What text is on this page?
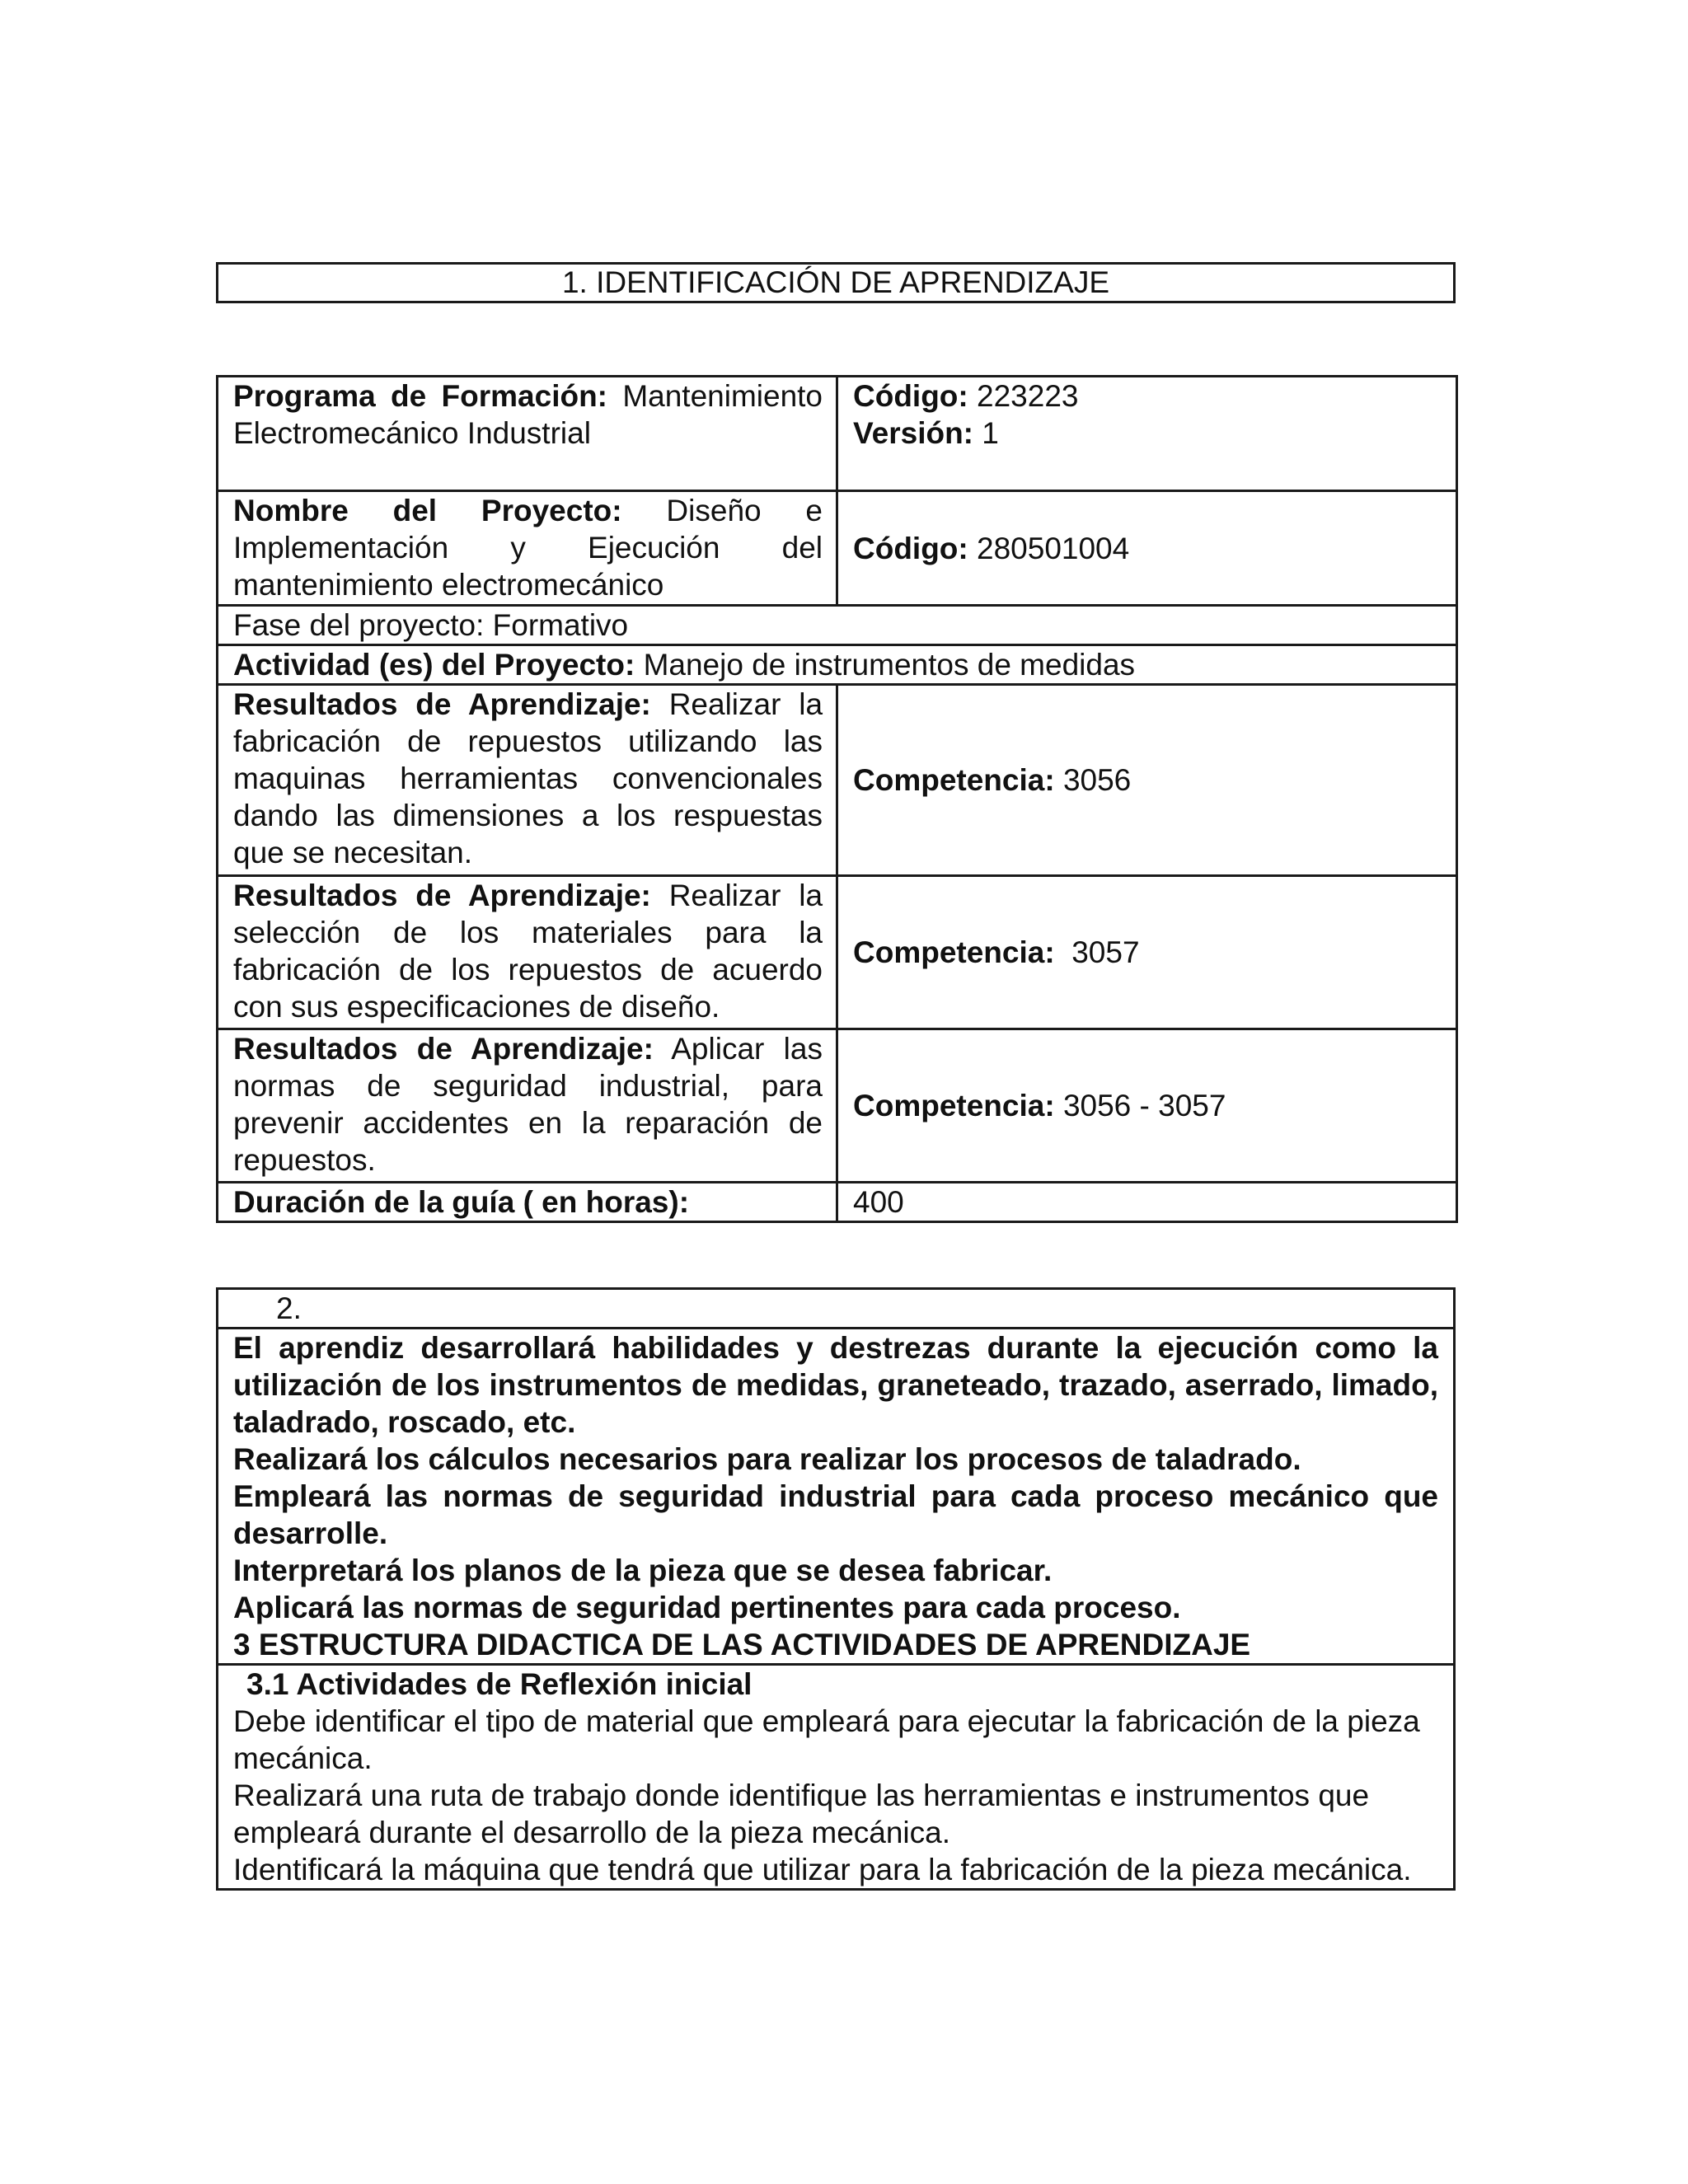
1. IDENTIFICACIÓN DE APRENDIZAJE
Programa de Formación: Mantenimiento Electromecánico Industrial	Código: 223223
Versión: 1

Nombre del Proyecto: Diseño e Implementación y Ejecución del mantenimiento electromecánico	Código: 280501004
Fase del proyecto: Formativo	
Actividad (es) del Proyecto: Manejo de instrumentos de medidas	
Resultados de Aprendizaje: Realizar la fabricación de repuestos utilizando las maquinas herramientas convencionales dando las dimensiones a los respuestas que se necesitan.	Competencia: 3056
Resultados de Aprendizaje: Realizar la selección de los materiales para la fabricación de los repuestos de acuerdo con sus especificaciones de diseño.	Competencia:  3057
Resultados de Aprendizaje: Aplicar las normas de seguridad industrial, para prevenir accidentes en la reparación de repuestos.	Competencia: 3056 - 3057
Duración de la guía ( en horas):	400
2.

El aprendiz desarrollará habilidades y destrezas durante la ejecución como la utilización de los instrumentos de medidas, graneteado, trazado, aserrado, limado, taladrado, roscado, etc.

Realizará los cálculos necesarios para realizar los procesos de taladrado.

Empleará las normas de seguridad industrial para cada proceso mecánico que desarrolle.

Interpretará los planos de la pieza que se desea fabricar.

Aplicará las normas de seguridad pertinentes para cada proceso.

3 ESTRUCTURA DIDACTICA DE LAS ACTIVIDADES DE APRENDIZAJE

3.1 Actividades de Reflexión inicial

Debe identificar el tipo de material que empleará para ejecutar la fabricación de la pieza mecánica.

Realizará una ruta de trabajo donde identifique las herramientas e instrumentos que empleará durante el desarrollo de la pieza mecánica.

Identificará la máquina que tendrá que utilizar para la fabricación de la pieza mecánica.
